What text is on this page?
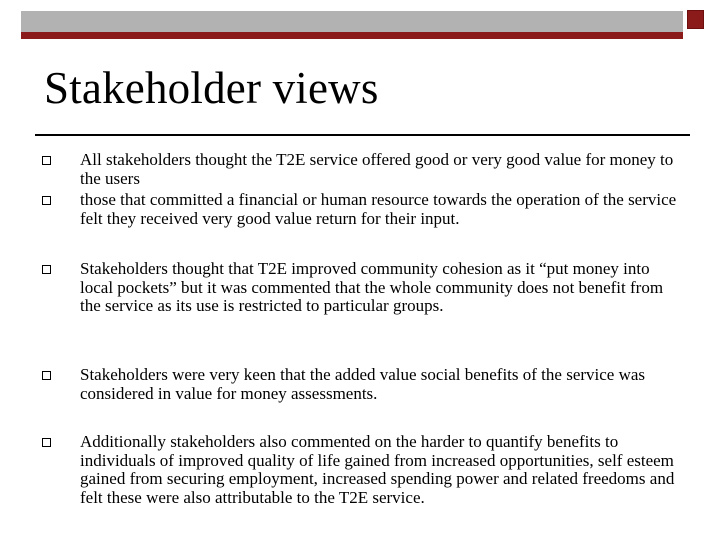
Stakeholder views

All stakeholders thought the T2E service offered good or very good value for money to the users

those that committed a financial or human resource towards the operation of the service felt they received very good value return for their input.

Stakeholders thought that T2E improved community cohesion as it “put money into local pockets” but it was commented that the whole community does not benefit from the service as its use is restricted to particular groups.

Stakeholders were very keen that the added value social benefits of the service was considered in value for money assessments.

Additionally stakeholders also commented on the harder to quantify benefits to individuals of improved quality of life gained from increased opportunities, self esteem gained from securing employment, increased spending power and related freedoms and felt these were also attributable to the T2E service.
